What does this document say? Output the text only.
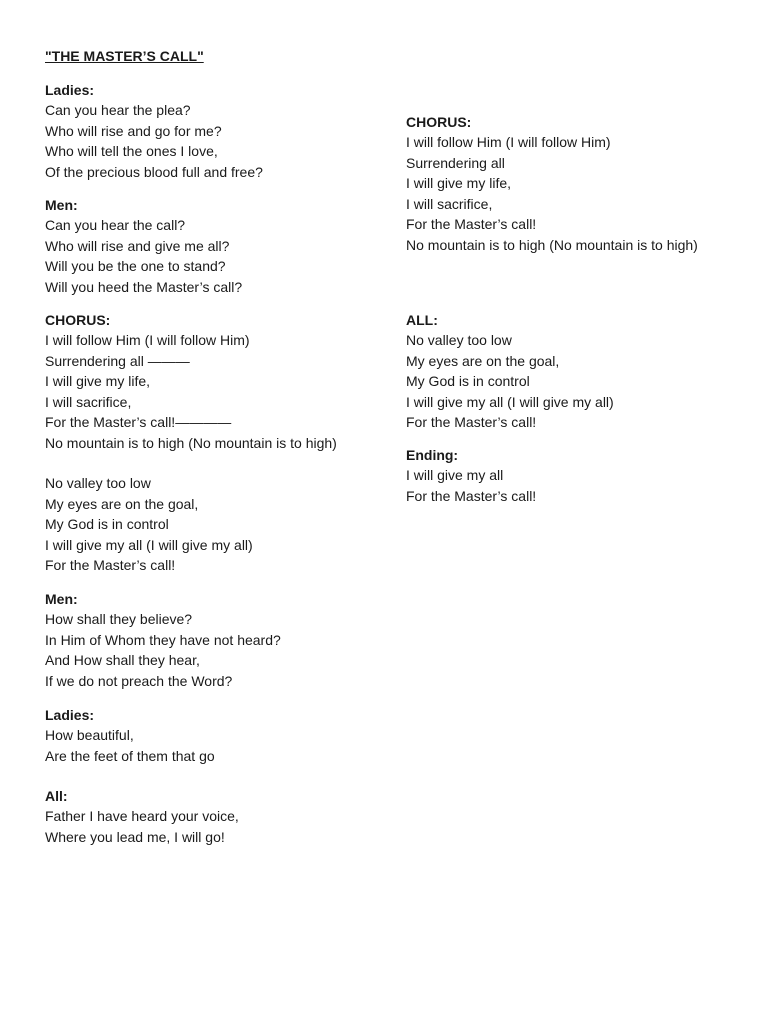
"THE MASTER’S CALL"
Ladies:
Can you hear the plea?
Who will rise and go for me?
Who will tell the ones I love,
Of the precious blood full and free?
Men:
Can you hear the call?
Who will rise and give me all?
Will you be the one to stand?
Will you heed the Master’s call?
CHORUS:
I will follow Him (I will follow Him)
Surrendering all ———
I will give my life,
I will sacrifice,
For the Master’s call!————
No mountain is to high (No mountain is to high)
No valley too low
My eyes are on the goal,
My God is in control
I will give my all (I will give my all)
For the Master’s call!
Men:
How shall they believe?
In Him of Whom they have not heard?
And How shall they hear,
If we do not preach the Word?
Ladies:
How beautiful,
Are the feet of them that go
All:
Father I have heard your voice,
Where you lead me, I will go!
CHORUS:
I will follow Him (I will follow Him)
Surrendering all
I will give my life,
I will sacrifice,
For the Master’s call!
No mountain is to high (No mountain is to high)
ALL:
No valley too low
My eyes are on the goal,
My God is in control
I will give my all (I will give my all)
For the Master’s call!
Ending:
I will give my all
For the Master’s call!
